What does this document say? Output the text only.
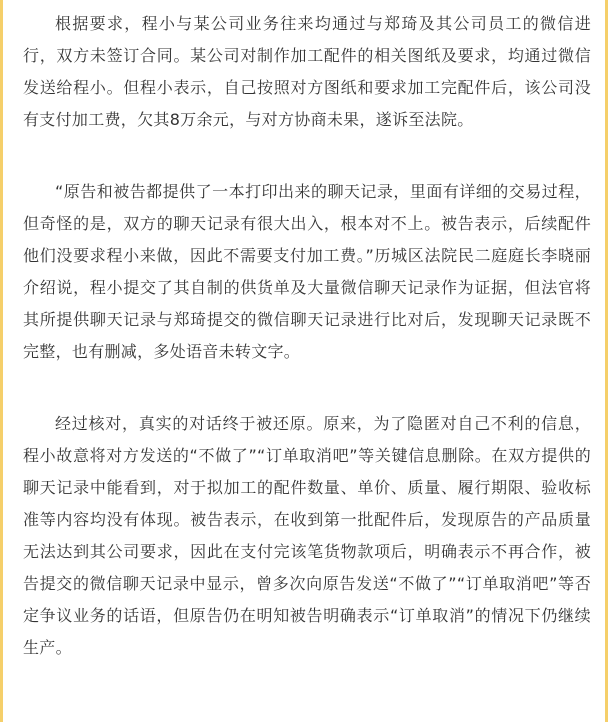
根据要求，程小与某公司业务往来均通过与郑琦及其公司员工的微信进行，双方未签订合同。某公司对制作加工配件的相关图纸及要求，均通过微信发送给程小。但程小表示，自己按照对方图纸和要求加工完配件后，该公司没有支付加工费，欠其8万余元，与对方协商未果，遂诉至法院。

“原告和被告都提供了一本打印出来的聊天记录，里面有详细的交易过程，但奇怪的是，双方的聊天记录有很大出入，根本对不上。被告表示，后续配件他们没要求程小来做，因此不需要支付加工费。”历城区法院民二庭庭长李晓丽介绍说，程小提交了其自制的供货单及大量微信聊天记录作为证据，但法官将其所提供聊天记录与郑琦提交的微信聊天记录进行比对后，发现聊天记录既不完整，也有删减，多处语音未转文字。

经过核对，真实的对话终于被还原。原来，为了隐匿对自己不利的信息，程小故意将对方发送的“不做了”“订单取消吧”等关键信息删除。在双方提供的聊天记录中能看到，对于拟加工的配件数量、单价、质量、履行期限、验收标准等内容均没有体现。被告表示，在收到第一批配件后，发现原告的产品质量无法达到其公司要求，因此在支付完该笔货物款项后，明确表示不再合作，被告提交的微信聊天记录中显示，曾多次向原告发送“不做了”“订单取消吧”等否定争议业务的话语，但原告仍在明知被告明确表示“订单取消”的情况下仍继续生产。
